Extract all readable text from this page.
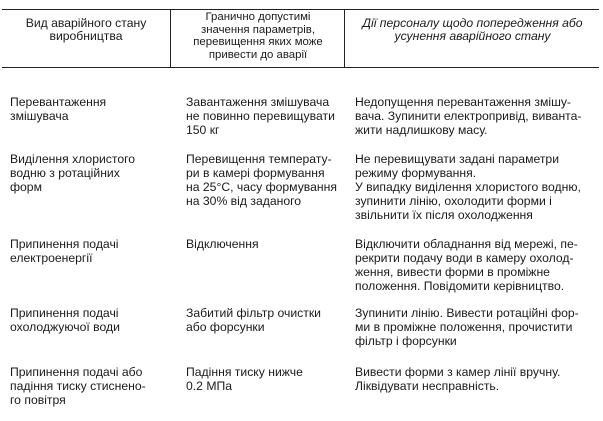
Вид аварійного стану
виробництва
Гранично допустимі
значення параметрів,
перевищення яких може
привести до аварії
Дії персоналу щодо попередження або
усунення аварійного стану
Перевантаження
змішувача
Завантаження змішувача
не повинно перевищувати
150 кг
Недопущення перевантаження змішу-
вача. Зупинити електропривід, виванта-
жити надлишкову масу.
Виділення хлористого
водню з ротаційних
форм
Перевищення температу-
ри в камері формування
на 25°С, часу формування
на 30% від заданого
Не перевищувати задані параметри
режиму формування.
У випадку виділення хлористого водню,
зупинити лінію, охолодити форми і
звільнити їх після охолодження
Припинення подачі
електроенергії
Відключення	Відключити обладнання від мережі, пе-
рекрити подачу води в камеру охолод-
ження, вивести форми в проміжне
положення. Повідомити керівництво.
Припинення подачі
охолоджуючої води
Забитий фільтр очистки
або форсунки
Зупинити лінію. Вивести ротаційні фор-
ми в проміжне положення, прочистити
фільтр і форсунки
Припинення подачі або
падіння тиску стиснено-
го повітря
Падіння тиску нижче
0.2 МПа
Вивести форми з камер лінії вручну.
Ліквідувати несправність.
